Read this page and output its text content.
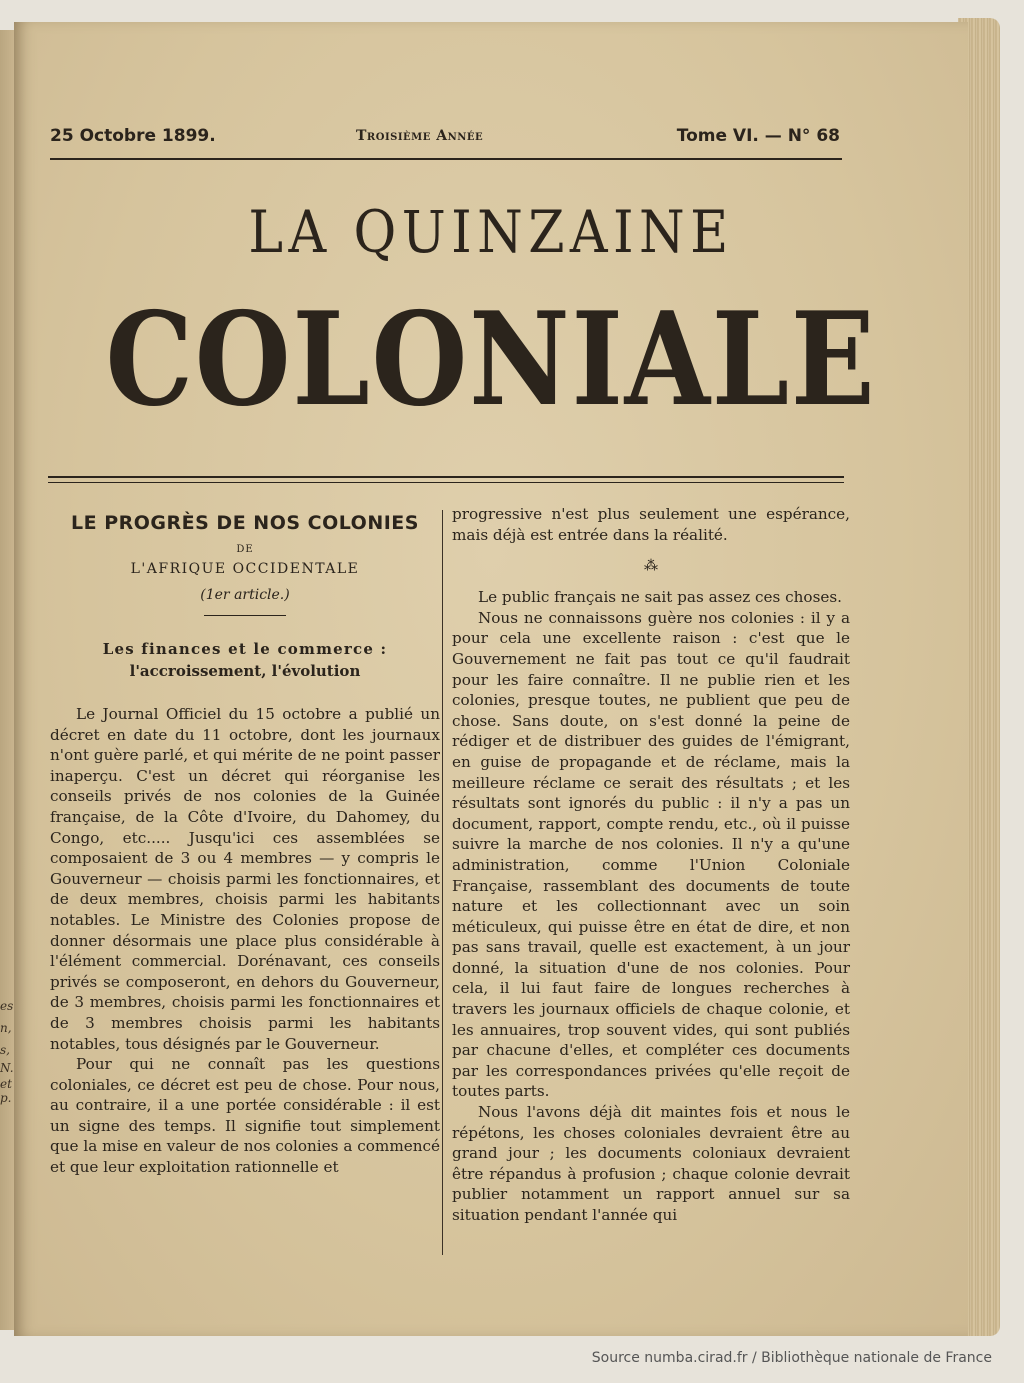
es
n,
s,
N.
et
p.
25 Octobre 1899.	Troisième Année	Tome VI. — N° 68
LA QUINZAINE
COLONIALE
LE PROGRÈS DE NOS COLONIES
DE
L'AFRIQUE OCCIDENTALE
(1er article.)
Les finances et le commerce :
l'accroissement, l'évolution

Le Journal Officiel du 15 octobre a publié un décret en date du 11 octobre, dont les journaux n'ont guère parlé, et qui mérite de ne point passer inaperçu. C'est un décret qui réorganise les conseils privés de nos colonies de la Guinée française, de la Côte d'Ivoire, du Dahomey, du Congo, etc..... Jusqu'ici ces assemblées se composaient de 3 ou 4 membres — y compris le Gouverneur — choisis parmi les fonctionnaires, et de deux membres, choisis parmi les habitants notables. Le Ministre des Colonies propose de donner désormais une place plus considérable à l'élément commercial. Dorénavant, ces conseils privés se composeront, en dehors du Gouverneur, de 3 membres, choisis parmi les fonctionnaires et de 3 membres choisis parmi les habitants notables, tous désignés par le Gouverneur.

Pour qui ne connaît pas les questions coloniales, ce décret est peu de chose. Pour nous, au contraire, il a une portée considérable : il est un signe des temps. Il signifie tout simplement que la mise en valeur de nos colonies a commencé et que leur exploitation rationnelle et

progressive n'est plus seulement une espérance, mais déjà est entrée dans la réalité.

⁂

Le public français ne sait pas assez ces choses.

Nous ne connaissons guère nos colonies : il y a pour cela une excellente raison : c'est que le Gouvernement ne fait pas tout ce qu'il faudrait pour les faire connaître. Il ne publie rien et les colonies, presque toutes, ne publient que peu de chose. Sans doute, on s'est donné la peine de rédiger et de distribuer des guides de l'émigrant, en guise de propagande et de réclame, mais la meilleure réclame ce serait des résultats ; et les résultats sont ignorés du public : il n'y a pas un document, rapport, compte rendu, etc., où il puisse suivre la marche de nos colonies. Il n'y a qu'une administration, comme l'Union Coloniale Française, rassemblant des documents de toute nature et les collectionnant avec un soin méticuleux, qui puisse être en état de dire, et non pas sans travail, quelle est exactement, à un jour donné, la situation d'une de nos colonies. Pour cela, il lui faut faire de longues recherches à travers les journaux officiels de chaque colonie, et les annuaires, trop souvent vides, qui sont publiés par chacune d'elles, et compléter ces documents par les correspondances privées qu'elle reçoit de toutes parts.

Nous l'avons déjà dit maintes fois et nous le répétons, les choses coloniales devraient être au grand jour ; les documents coloniaux devraient être répandus à profusion ; chaque colonie devrait publier notamment un rapport annuel sur sa situation pendant l'année qui

Source numba.cirad.fr / Bibliothèque nationale de France
